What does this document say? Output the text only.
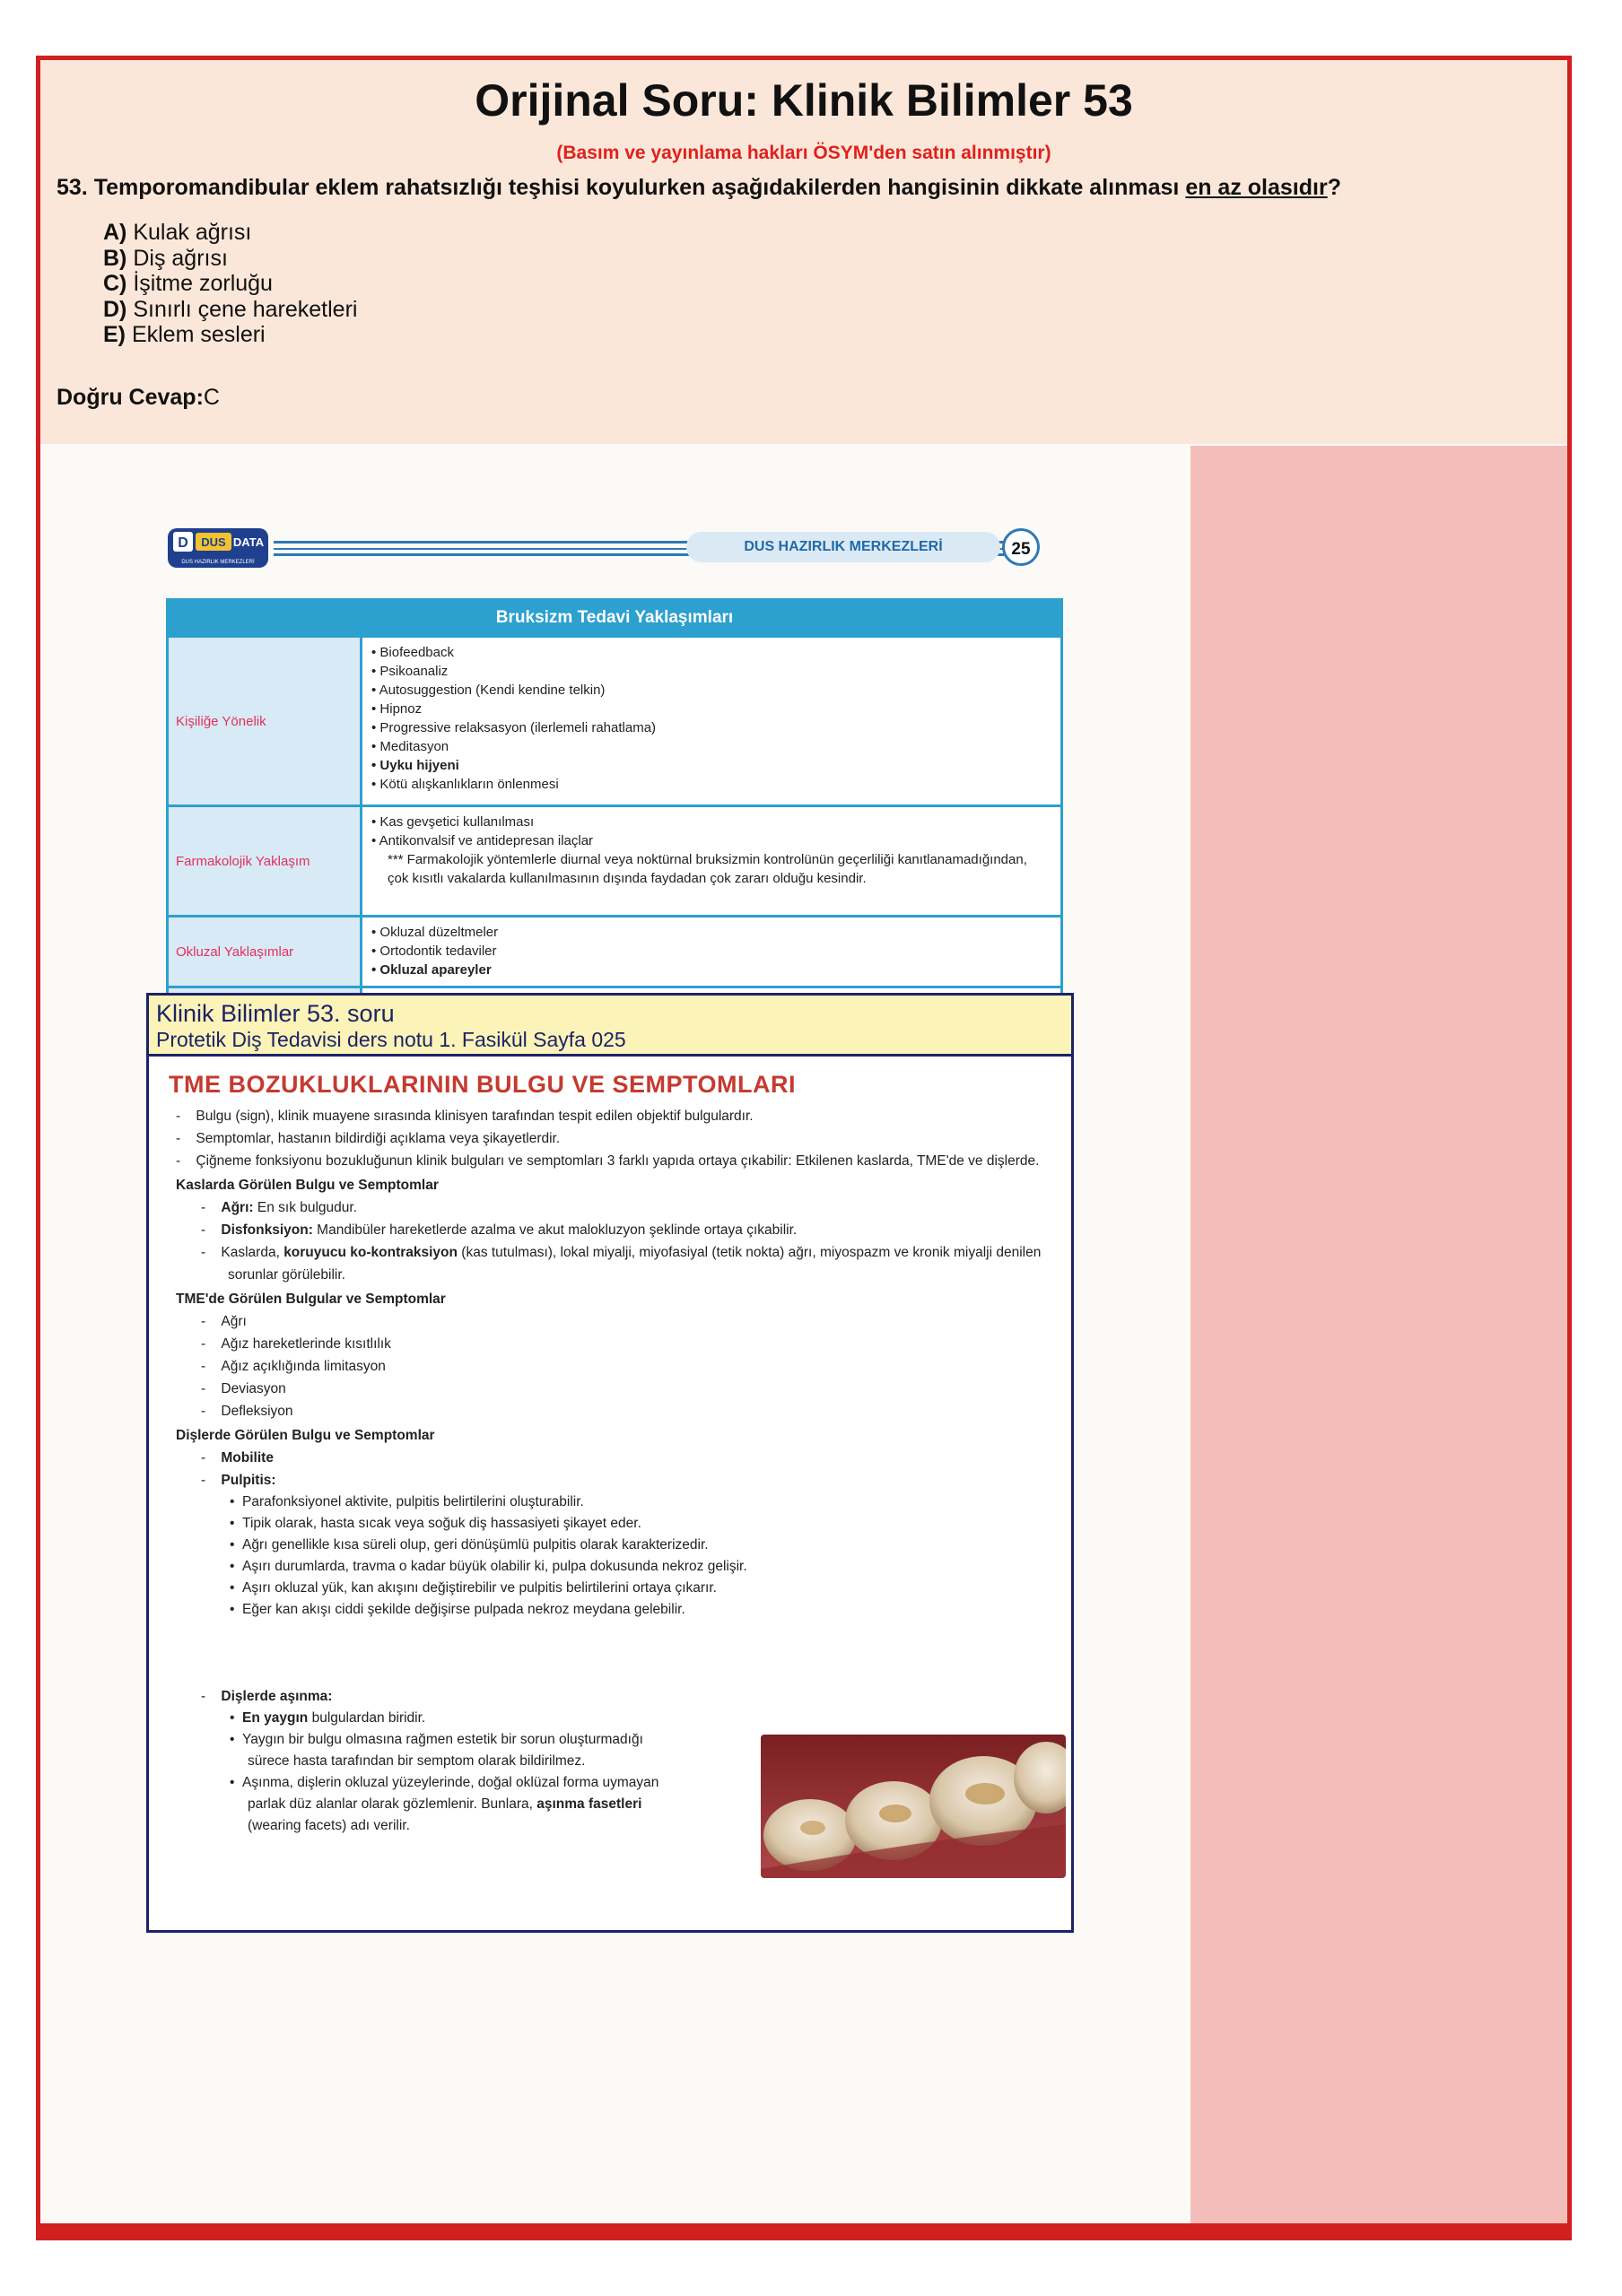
Orijinal Soru: Klinik Bilimler 53
(Basım ve yayınlama hakları ÖSYM'den satın alınmıştır)
53. Temporomandibular eklem rahatsızlığı teşhisi koyulurken aşağıdakilerden hangisinin dikkate alınması en az olasıdır?
A) Kulak ağrısı
B) Diş ağrısı
C) İşitme zorluğu
D) Sınırlı çene hareketleri
E) Eklem sesleri
Doğru Cevap:C
D DUS DATA
DUS HAZIRLIK MERKEZLERİ
DUS HAZIRLIK MERKEZLERİ	25
Bruksizm Tedavi Yaklaşımları
Kişiliğe Yönelik
• Biofeedback
• Psikoanaliz
• Autosuggestion (Kendi kendine telkin)
• Hipnoz
• Progressive relaksasyon (ilerlemeli rahatlama)
• Meditasyon
• Uyku hijyeni
• Kötü alışkanlıkların önlenmesi
Farmakolojik Yaklaşım
• Kas gevşetici kullanılması
• Antikonvalsif ve antidepresan ilaçlar
*** Farmakolojik yöntemlerle diurnal veya noktürnal bruksizmin kontrolünün geçerliliği kanıtlanamadığından, çok kısıtlı vakalarda kullanılmasının dışında faydadan çok zararı olduğu kesindir.
Okluzal Yaklaşımlar
• Okluzal düzeltmeler
• Ortodontik tedaviler
• Okluzal apareyler
Klinik Bilimler 53. soru
Protetik Diş Tedavisi ders notu 1. Fasikül Sayfa 025
TME BOZUKLUKLARININ BULGU VE SEMPTOMLARI
-    Bulgu (sign), klinik muayene sırasında klinisyen tarafından tespit edilen objektif bulgulardır.
-    Semptomlar, hastanın bildirdiği açıklama veya şikayetlerdir.
-    Çiğneme fonksiyonu bozukluğunun klinik bulguları ve semptomları 3 farklı yapıda ortaya çıkabilir: Etkilenen kaslarda, TME'de ve dişlerde.
Kaslarda Görülen Bulgu ve Semptomlar
-    Ağrı: En sık bulgudur.
-    Disfonksiyon: Mandibüler hareketlerde azalma ve akut malokluzyon şeklinde ortaya çıkabilir.
-    Kaslarda, koruyucu ko-kontraksiyon (kas tutulması), lokal miyalji, miyofasiyal (tetik nokta) ağrı, miyospazm ve kronik miyalji denilen sorunlar görülebilir.
TME'de Görülen Bulgular ve Semptomlar
-    Ağrı
-    Ağız hareketlerinde kısıtlılık
-    Ağız açıklığında limitasyon
-    Deviasyon
-    Defleksiyon
Dişlerde Görülen Bulgu ve Semptomlar
-    Mobilite
-    Pulpitis:
•  Parafonksiyonel aktivite, pulpitis belirtilerini oluşturabilir.
•  Tipik olarak, hasta sıcak veya soğuk diş hassasiyeti şikayet eder.
•  Ağrı genellikle kısa süreli olup, geri dönüşümlü pulpitis olarak karakterizedir.
•  Aşırı durumlarda, travma o kadar büyük olabilir ki, pulpa dokusunda nekroz gelişir.
•  Aşırı okluzal yük, kan akışını değiştirebilir ve pulpitis belirtilerini ortaya çıkarır.
•  Eğer kan akışı ciddi şekilde değişirse pulpada nekroz meydana gelebilir.
-    Dişlerde aşınma:
•  En yaygın bulgulardan biridir.
•  Yaygın bir bulgu olmasına rağmen estetik bir sorun oluşturmadığı sürece hasta tarafından bir semptom olarak bildirilmez.
•  Aşınma, dişlerin okluzal yüzeylerinde, doğal oklüzal forma uymayan parlak düz alanlar olarak gözlemlenir. Bunlara, aşınma fasetleri (wearing facets) adı verilir.
